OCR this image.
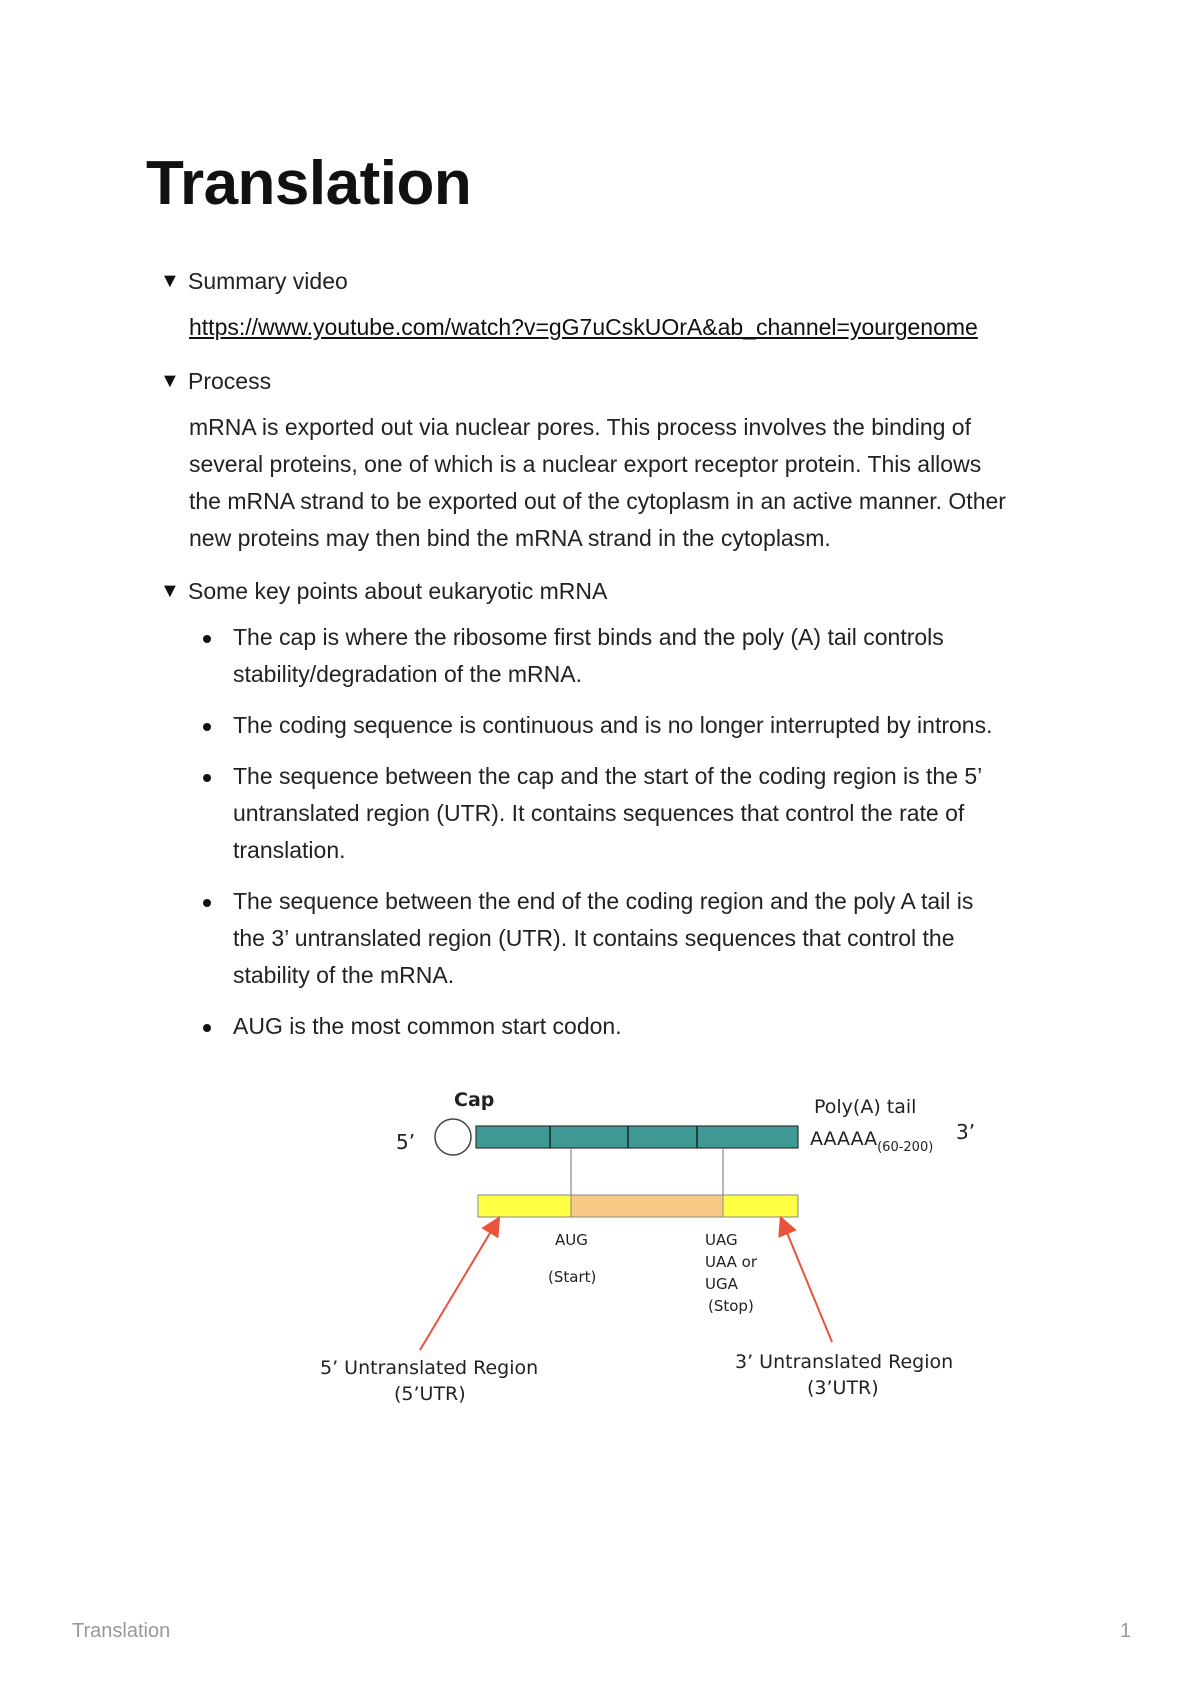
Translation
▼ Summary video
https://www.youtube.com/watch?v=gG7uCskUOrA&ab_channel=yourgenome
▼ Process
mRNA is exported out via nuclear pores. This process involves the binding of
several proteins, one of which is a nuclear export receptor protein. This allows
the mRNA strand to be exported out of the cytoplasm in an active manner. Other
new proteins may then bind the mRNA strand in the cytoplasm.
▼ Some key points about eukaryotic mRNA
The cap is where the ribosome first binds and the poly (A) tail controls
stability/degradation of the mRNA.
The coding sequence is continuous and is no longer interrupted by introns.
The sequence between the cap and the start of the coding region is the 5’
untranslated region (UTR). It contains sequences that control the rate of
translation.
The sequence between the end of the coding region and the poly A tail is
the 3’ untranslated region (UTR). It contains sequences that control the
stability of the mRNA.
AUG is the most common start codon.
Cap
5’
Poly(A) tail
$AAAAA_{(60-200)}$
3’
AUG
(Start)
UAG
UAA or
UGA
(Stop)
5’ Untranslated Region
(5’UTR)
3’ Untranslated Region
(3’UTR)
Translation	1
